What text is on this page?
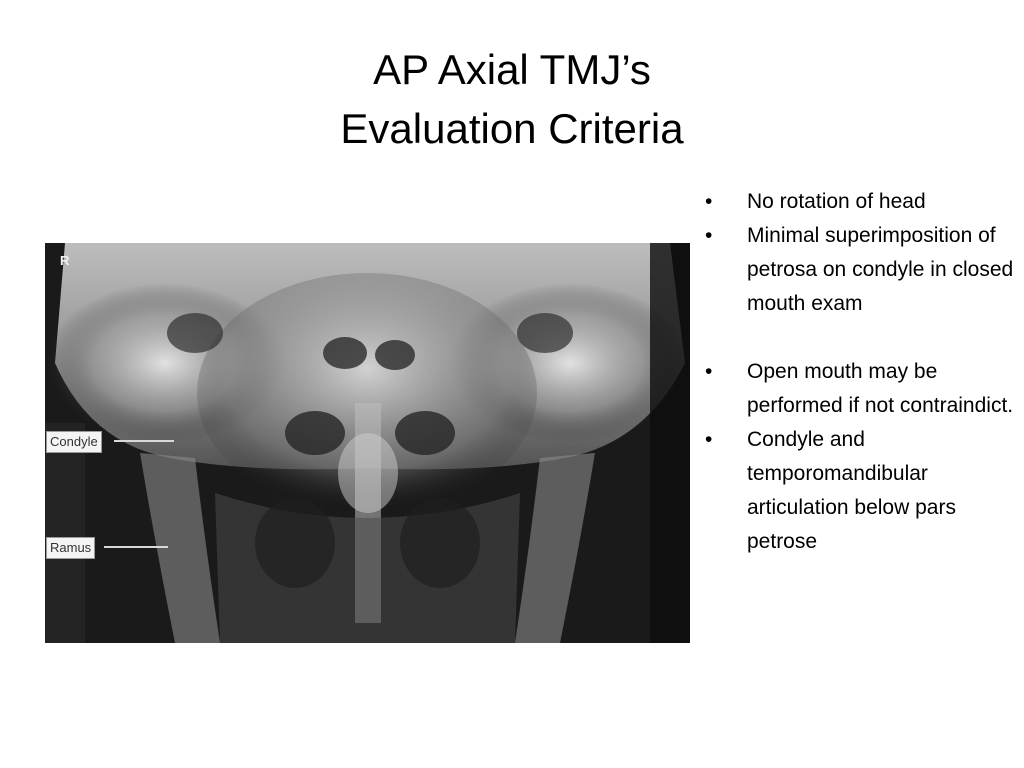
AP Axial TMJ’s
Evaluation Criteria
R
Condyle
Ramus
•	No rotation of head
•	Minimal superimposition of petrosa on condyle in closed mouth exam
•	Open mouth may be performed if not contraindict.
•	Condyle and temporomandibular articulation below pars petrose
